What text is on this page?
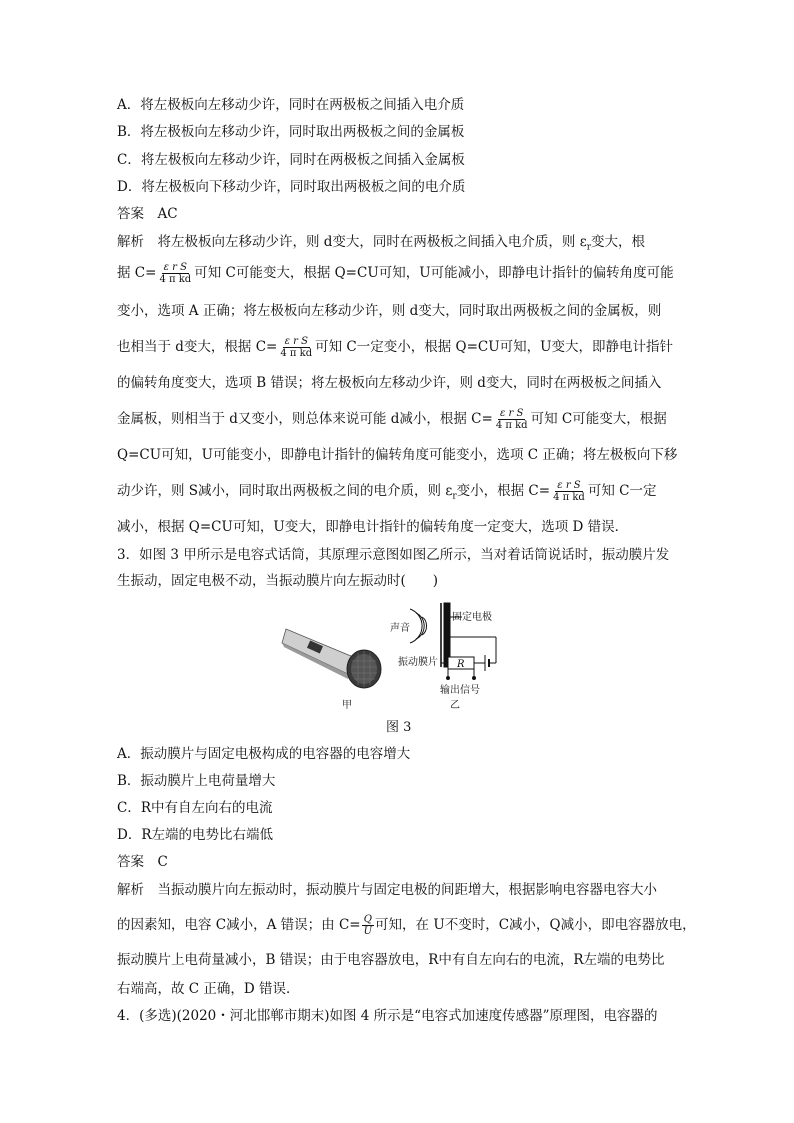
A．将左极板向左移动少许，同时在两极板之间插入电介质
B．将左极板向左移动少许，同时取出两极板之间的金属板
C．将左极板向左移动少许，同时在两极板之间插入金属板
D．将左极板向下移动少许，同时取出两极板之间的电介质
答案　AC
解析　将左极板向左移动少许，则 d变大，同时在两极板之间插入电介质，则 $\varepsilon_r$变大，根
据 $C= \frac{\text{ε r S}}{\text{4 π kd}}$ 可知 C可能变大，根据 Q=CU可知，U可能减小，即静电计指针的偏转角度可能
变小，选项 A 正确；将左极板向左移动少许，则 d变大，同时取出两极板之间的金属板，则
也相当于 d变大，根据 $C= \frac{\text{ε r S}}{\text{4 π kd}}$ 可知 C一定变小，根据 Q=CU可知，U变大，即静电计指针
的偏转角度变大，选项 B 错误；将左极板向左移动少许，则 d变大，同时在两极板之间插入
金属板，则相当于 d又变小，则总体来说可能 d减小，根据 $C= \frac{\text{ε r S}}{\text{4 π kd}}$ 可知 C可能变大，根据
Q=CU可知，U可能变小，即静电计指针的偏转角度可能变小，选项 C 正确；将左极板向下移
动少许，则 S减小，同时取出两极板之间的电介质，则 $\varepsilon_r$变小，根据 $C= \frac{\text{ε r S}}{\text{4 π kd}}$ 可知 C一定
减小，根据 Q=CU可知，U变大，即静电计指针的偏转角度一定变大，选项 D 错误．
3．如图 3 甲所示是电容式话筒，其原理示意图如图乙所示，当对着话筒说话时，振动膜片发
生振动，固定电极不动，当振动膜片向左振动时(　　)
声音
固定电极
振动膜片 R
输出信号
甲	乙
图 3
A．振动膜片与固定电极构成的电容器的电容增大
B．振动膜片上电荷量增大
C．R中有自左向右的电流
D．R左端的电势比右端低
答案　C
解析　当振动膜片向左振动时，振动膜片与固定电极的间距增大，根据影响电容器电容大小
的因素知，电容 C减小，A 错误；由 $C= \frac{Q}{U}$ 可知，在 U不变时，C减小，Q减小，即电容器放电，
振动膜片上电荷量减小，B 错误；由于电容器放电，R中有自左向右的电流，R左端的电势比
右端高，故 C 正确，D 错误．
4．(多选)(2020・河北邯郸市期末)如图 4 所示是“电容式加速度传感器”原理图，电容器的
